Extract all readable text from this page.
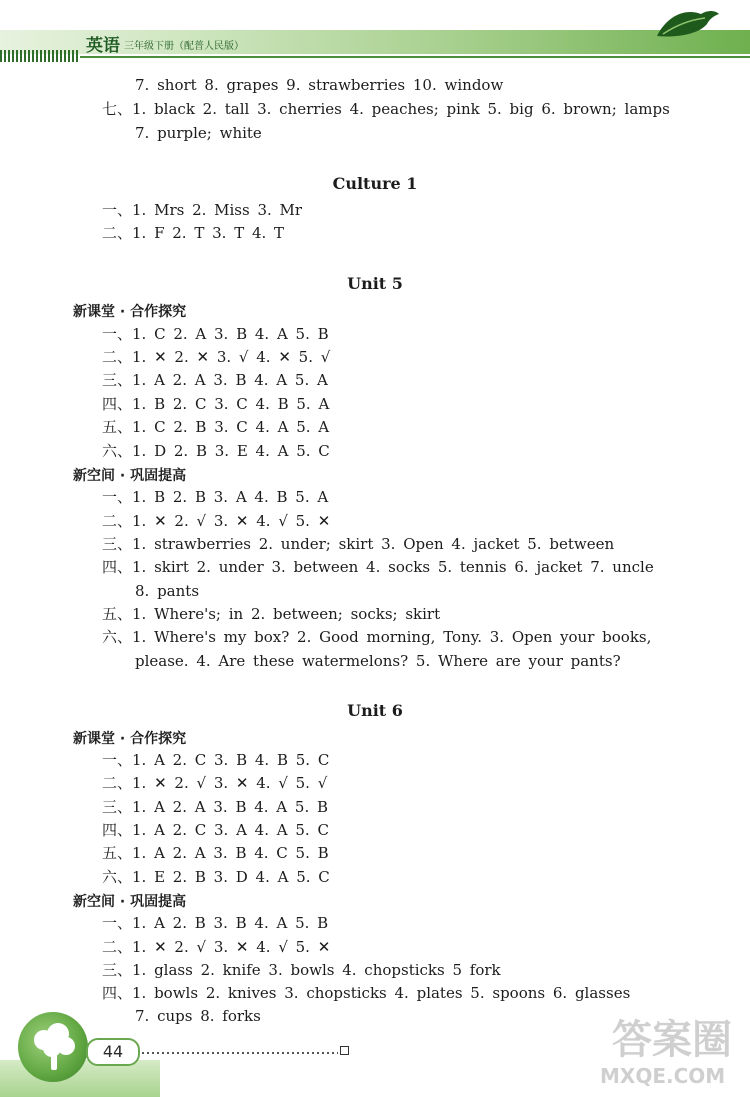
英语 三年级下册（配普人民版）
7. short 8. grapes 9. strawberries 10. window
七、1. black 2. tall 3. cherries 4. peaches; pink 5. big 6. brown; lamps
7. purple; white
Culture 1
一、1. Mrs 2. Miss 3. Mr
二、1. F 2. T 3. T 4. T
Unit 5
新课堂 · 合作探究
一、1. C 2. A 3. B 4. A 5. B
二、1. ✕ 2. ✕ 3. √ 4. ✕ 5. √
三、1. A 2. A 3. B 4. A 5. A
四、1. B 2. C 3. C 4. B 5. A
五、1. C 2. B 3. C 4. A 5. A
六、1. D 2. B 3. E 4. A 5. C
新空间 · 巩固提高
一、1. B 2. B 3. A 4. B 5. A
二、1. ✕ 2. √ 3. ✕ 4. √ 5. ✕
三、1. strawberries 2. under; skirt 3. Open 4. jacket 5. between
四、1. skirt 2. under 3. between 4. socks 5. tennis 6. jacket 7. uncle
8. pants
五、1. Where's; in 2. between; socks; skirt
六、1. Where's my box? 2. Good morning, Tony. 3. Open your books,
please. 4. Are these watermelons? 5. Where are your pants?
Unit 6
新课堂 · 合作探究
一、1. A 2. C 3. B 4. B 5. C
二、1. ✕ 2. √ 3. ✕ 4. √ 5. √
三、1. A 2. A 3. B 4. A 5. B
四、1. A 2. C 3. A 4. A 5. C
五、1. A 2. A 3. B 4. C 5. B
六、1. E 2. B 3. D 4. A 5. C
新空间 · 巩固提高
一、1. A 2. B 3. B 4. A 5. B
二、1. ✕ 2. √ 3. ✕ 4. √ 5. ✕
三、1. glass 2. knife 3. bowls 4. chopsticks 5 fork
四、1. bowls 2. knives 3. chopsticks 4. plates 5. spoons 6. glasses
7. cups 8. forks
44	答案圈
MXQE.COM
